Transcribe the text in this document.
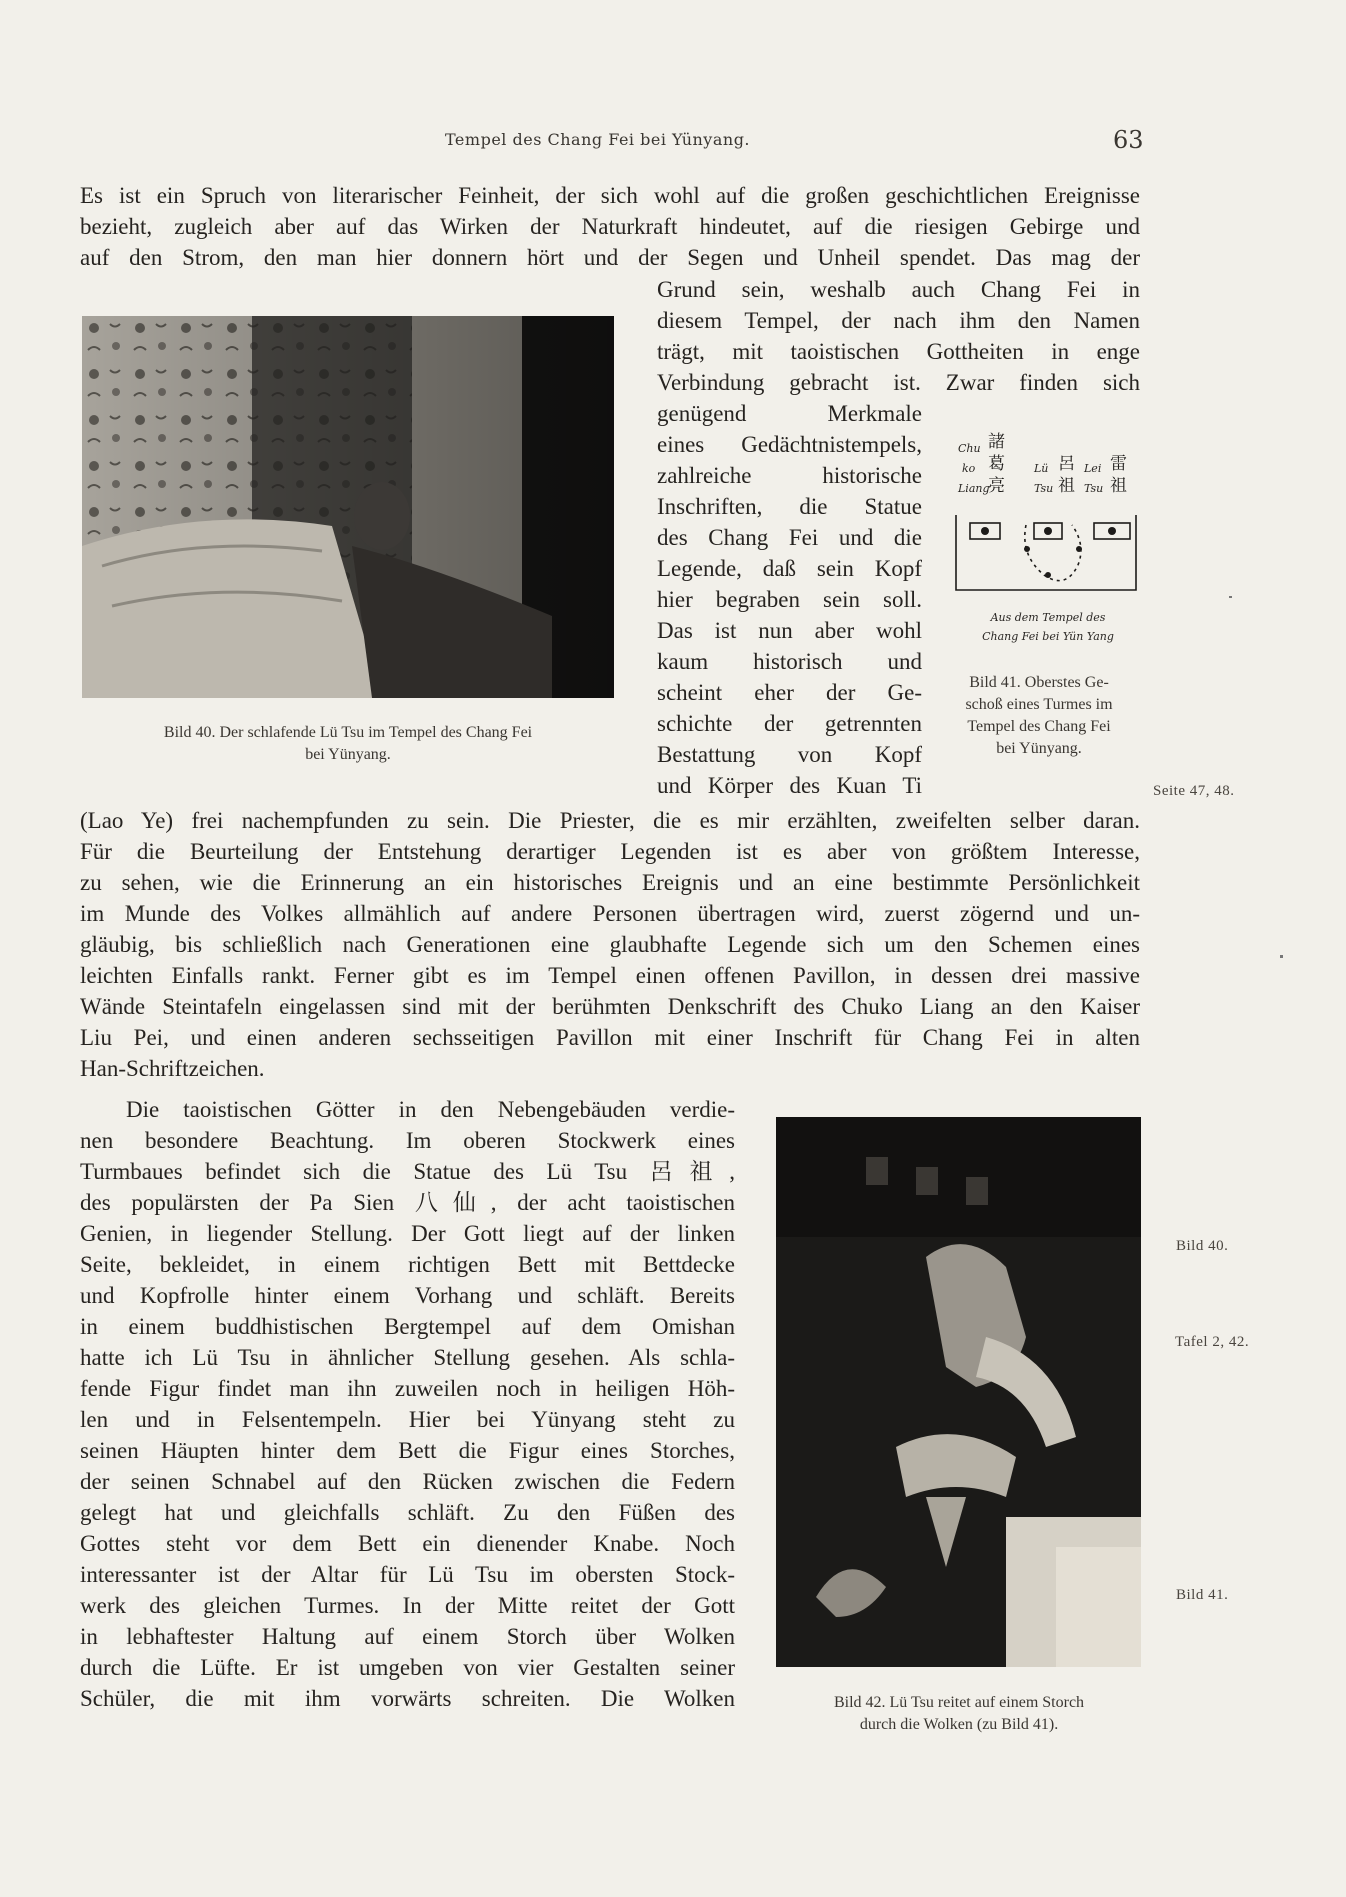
Tempel des Chang Fei bei Yünyang.	63
Es ist ein Spruch von literarischer Feinheit, der sich wohl auf die großen geschichtlichen Ereignisse
bezieht, zugleich aber auf das Wirken der Naturkraft hindeutet, auf die riesigen Gebirge und
auf den Strom, den man hier donnern hört und der Segen und Unheil spendet. Das mag der
Grund sein, weshalb auch Chang Fei in
diesem Tempel, der nach ihm den Namen
trägt, mit taoistischen Gottheiten in enge
Verbindung gebracht ist. Zwar finden sich
genügend Merkmale
eines Gedächtnistempels,
zahlreiche historische
Inschriften, die Statue
des Chang Fei und die
Legende, daß sein Kopf
hier begraben sein soll.
Das ist nun aber wohl
kaum historisch und
scheint eher der Ge-
schichte der getrennten
Bestattung von Kopf
und Körper des Kuan Ti
(Lao Ye) frei nachempfunden zu sein. Die Priester, die es mir erzählten, zweifelten selber daran.
Für die Beurteilung der Entstehung derartiger Legenden ist es aber von größtem Interesse,
zu sehen, wie die Erinnerung an ein historisches Ereignis und an eine bestimmte Persönlichkeit
im Munde des Volkes allmählich auf andere Personen übertragen wird, zuerst zögernd und un-
gläubig, bis schließlich nach Generationen eine glaubhafte Legende sich um den Schemen eines
leichten Einfalls rankt. Ferner gibt es im Tempel einen offenen Pavillon, in dessen drei massive
Wände Steintafeln eingelassen sind mit der berühmten Denkschrift des Chuko Liang an den Kaiser
Liu Pei, und einen anderen sechsseitigen Pavillon mit einer Inschrift für Chang Fei in alten
Han-Schriftzeichen.
Bild 40. Der schlafende Lü Tsu im Tempel des Chang Fei
bei Yünyang.
Chu
ko
Liang
Lü
Tsu
Lei
Tsu
諸
葛
亮
呂
祖
雷
祖
Aus dem Tempel des
Chang Fei bei Yün Yang
Bild 41. Oberstes Ge-
schoß eines Turmes im
Tempel des Chang Fei
bei Yünyang.
Seite 47, 48.
Bild 40.
Tafel 2, 42.
Bild 41.
Die taoistischen Götter in den Nebengebäuden verdie-
nen besondere Beachtung. Im oberen Stockwerk eines
Turmbaues befindet sich die Statue des Lü Tsu 呂祖,
des populärsten der Pa Sien 八仙, der acht taoistischen
Genien, in liegender Stellung. Der Gott liegt auf der linken
Seite, bekleidet, in einem richtigen Bett mit Bettdecke
und Kopfrolle hinter einem Vorhang und schläft. Bereits
in einem buddhistischen Bergtempel auf dem Omishan
hatte ich Lü Tsu in ähnlicher Stellung gesehen. Als schla-
fende Figur findet man ihn zuweilen noch in heiligen Höh-
len und in Felsentempeln. Hier bei Yünyang steht zu
seinen Häupten hinter dem Bett die Figur eines Storches,
der seinen Schnabel auf den Rücken zwischen die Federn
gelegt hat und gleichfalls schläft. Zu den Füßen des
Gottes steht vor dem Bett ein dienender Knabe. Noch
interessanter ist der Altar für Lü Tsu im obersten Stock-
werk des gleichen Turmes. In der Mitte reitet der Gott
in lebhaftester Haltung auf einem Storch über Wolken
durch die Lüfte. Er ist umgeben von vier Gestalten seiner
Schüler, die mit ihm vorwärts schreiten. Die Wolken	Bild 42. Lü Tsu reitet auf einem Storch
durch die Wolken (zu Bild 41).
